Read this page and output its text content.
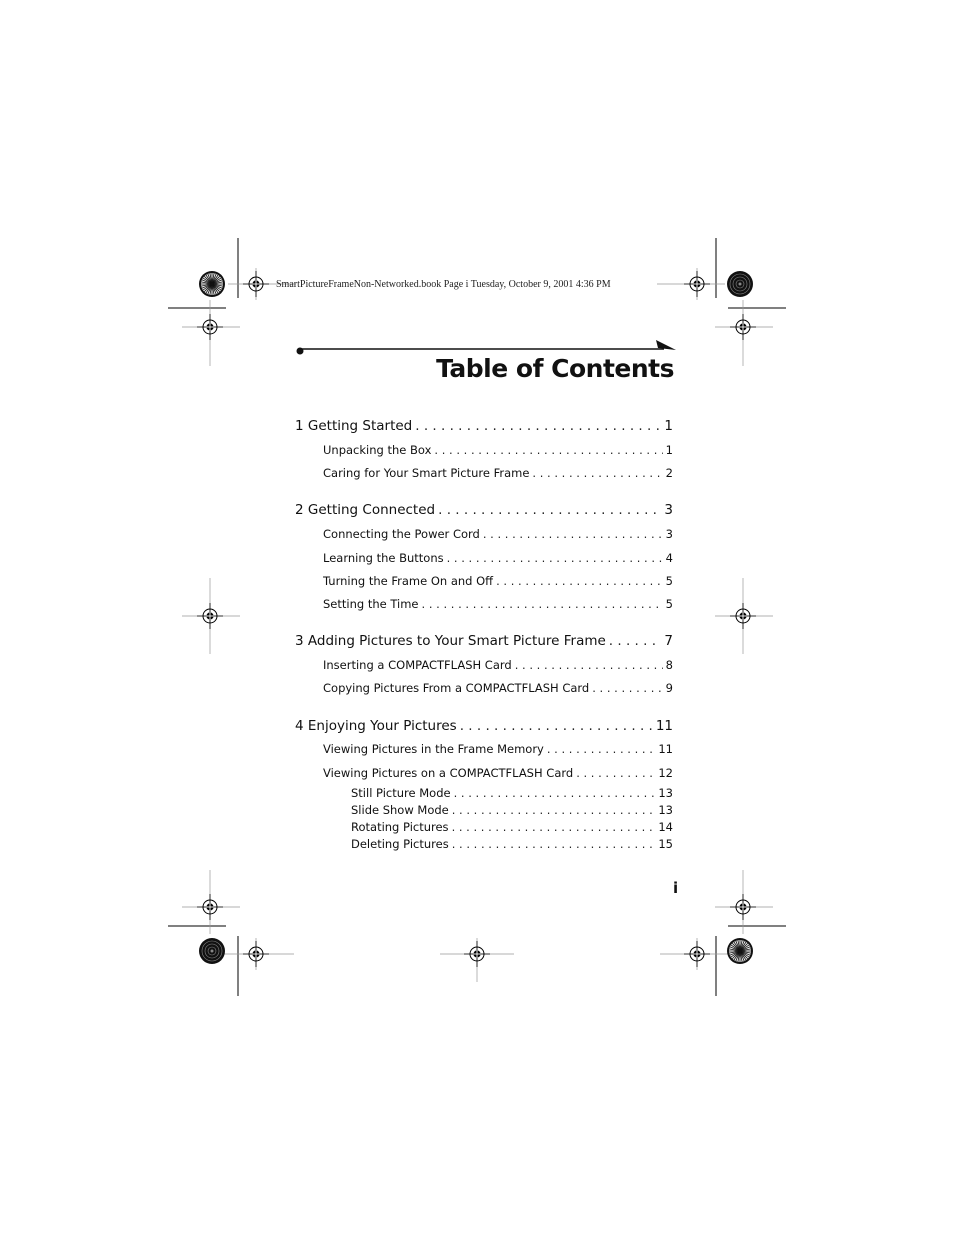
SmartPictureFrameNon-Networked.book Page i Tuesday, October 9, 2001 4:36 PM
Table of Contents
1 Getting Started . . .	1
Unpacking the Box . . .	1
Caring for Your Smart Picture Frame . . .	2
2 Getting Connected . . .	3
Connecting the Power Cord . . .	3
Learning the Buttons . . .	4
Turning the Frame On and Off . . .	5
Setting the Time . . .	5
3 Adding Pictures to Your Smart Picture Frame . . .	7
Inserting a COMPACTFLASH Card . . .	8
Copying Pictures From a COMPACTFLASH Card . . .	9
4 Enjoying Your Pictures . . .	11
Viewing Pictures in the Frame Memory . . .	11
Viewing Pictures on a COMPACTFLASH Card . . .	12
Still Picture Mode . . .	13
Slide Show Mode . . .	13
Rotating Pictures . . .	14
Deleting Pictures . . .	15
i
